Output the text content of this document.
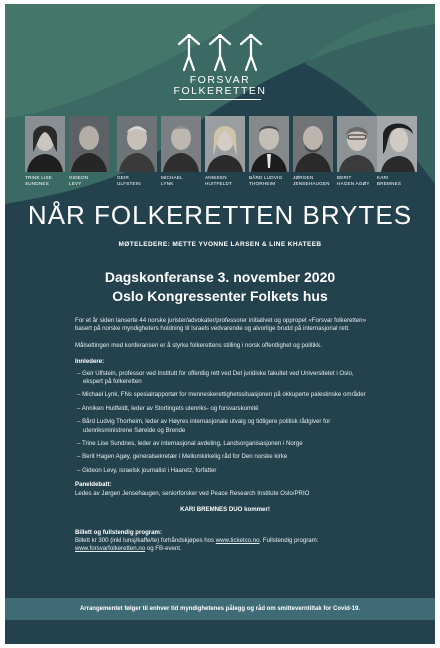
FORSVAR
FOLKERETTEN
TRINE LISE
SUNDNES
GIDEON
LEVY
GEIR
ULFSTEIN
MICHAEL
LYNK
ANNIKEN
HUITFELDT
BÅRD LUDVIG
THORHEIM
JØRGEN
JENSEHAUGEN
BERIT
HAGEN AGØY
KARI
BREMNES
NÅR FOLKERETTEN BRYTES
MØTELEDERE: METTE YVONNE LARSEN & LINE KHATEEB
Dagskonferanse 3. november 2020
Oslo Kongressenter Folkets hus

For et år siden lanserte 44 norske jurister/advokater/professorer initiativet og oppropet «Forsvar folkeretten» basert på norske myndigheters holdning til Israels vedvarende og alvorlige brudd på internasjonal rett.

Målsettingen med konferansen er å styrke folkerettens stilling i norsk offentlighet og politikk.

Innledere:
– Geir Ulfstein, professor ved Institutt for offentlig rett ved Det juridiske fakultet ved Universitetet i Oslo, ekspert på folkeretten
– Michael Lynk, FNs spesialrapportør for menneskerettighetssituasjonen på okkuperte palestinske områder
– Anniken Huitfeldt, leder av Stortingets utenriks- og forsvarskomité
– Bård Ludvig Thorheim, leder av Høyres internasjonale utvalg og tidligere politisk rådgiver for utenriksministrene Søreide og Brende
– Trine Lise Sundnes, leder av internasjonal avdeling, Landsorganisasjonen i Norge
– Berit Hagen Agøy, generalsekretær i Mellomkirkelig råd for Den norske kirke
– Gideon Levy, israelsk journalist i Haaretz, forfatter
Paneldebatt:

Ledes av Jørgen Jensehaugen, seniorforsker ved Peace Research Institute Oslo/PRIO

KARI BREMNES DUO kommer!
Billett og fullstendig program:
Billett kr 300 (inkl lunsj/kaffe/te) forhåndskjøpes hos www.ticketco.no. Fullstendig program:
www.forsvarfolkeretten.no og FB-event.
Arrangementet følger til enhver tid myndighetenes pålegg og råd om smitteverntiltak for Covid-19.
